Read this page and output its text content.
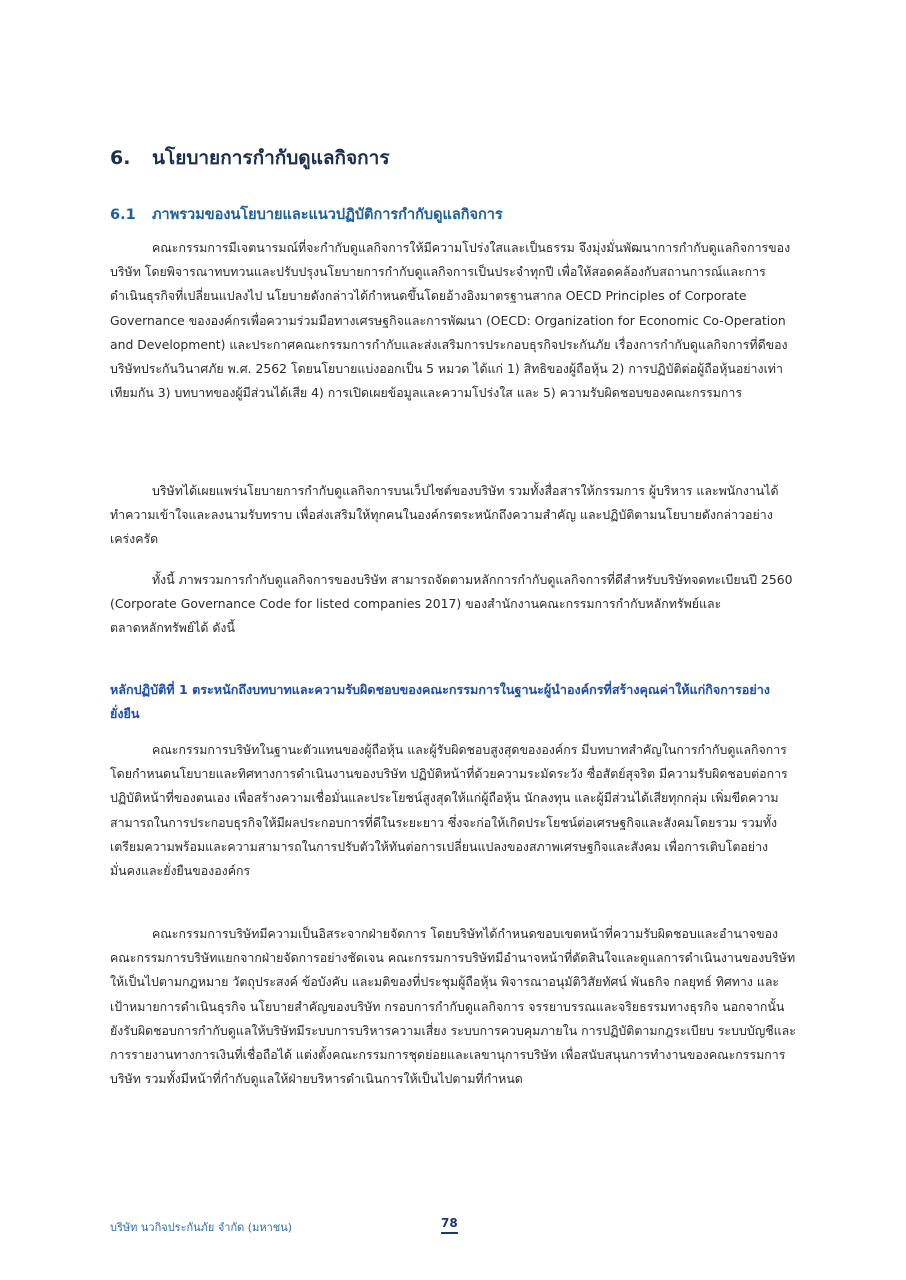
6. นโยบายการกำกับดูแลกิจการ
6.1 ภาพรวมของนโยบายและแนวปฏิบัติการกำกับดูแลกิจการ

คณะกรรมการมีเจตนารมณ์ที่จะกำกับดูแลกิจการให้มีความโปร่งใสและเป็นธรรม จึงมุ่งมั่นพัฒนาการกำกับดูแลกิจการของบริษัท โดยพิจารณาทบทวนและปรับปรุงนโยบายการกำกับดูแลกิจการเป็นประจำทุกปี เพื่อให้สอดคล้องกับสถานการณ์และการดำเนินธุรกิจที่เปลี่ยนแปลงไป นโยบายดังกล่าวได้กำหนดขึ้นโดยอ้างอิงมาตรฐานสากล OECD Principles of Corporate Governance ขององค์กรเพื่อความร่วมมือทางเศรษฐกิจและการพัฒนา (OECD: Organization for Economic Co-Operation and Development) และประกาศคณะกรรมการกำกับและส่งเสริมการประกอบธุรกิจประกันภัย เรื่องการกำกับดูแลกิจการที่ดีของบริษัทประกันวินาศภัย พ.ศ. 2562 โดยนโยบายแบ่งออกเป็น 5 หมวด ได้แก่ 1) สิทธิของผู้ถือหุ้น 2) การปฏิบัติต่อผู้ถือหุ้นอย่างเท่าเทียมกัน 3) บทบาทของผู้มีส่วนได้เสีย 4) การเปิดเผยข้อมูลและความโปร่งใส และ 5) ความรับผิดชอบของคณะกรรมการ

บริษัทได้เผยแพร่นโยบายการกำกับดูแลกิจการบนเว็ปไซต์ของบริษัท รวมทั้งสื่อสารให้กรรมการ ผู้บริหาร และพนักงานได้ทำความเข้าใจและลงนามรับทราบ เพื่อส่งเสริมให้ทุกคนในองค์กรตระหนักถึงความสำคัญ และปฏิบัติตามนโยบายดังกล่าวอย่างเคร่งครัด

ทั้งนี้ ภาพรวมการกำกับดูแลกิจการของบริษัท สามารถจัดตามหลักการกำกับดูแลกิจการที่ดีสำหรับบริษัทจดทะเบียนปี 2560 (Corporate Governance Code for listed companies 2017) ของสำนักงานคณะกรรมการกำกับหลักทรัพย์และตลาดหลักทรัพย์ได้ ดังนี้

หลักปฏิบัติที่ 1 ตระหนักถึงบทบาทและความรับผิดชอบของคณะกรรมการในฐานะผู้นำองค์กรที่สร้างคุณค่าให้แก่กิจการอย่างยั่งยืน

คณะกรรมการบริษัทในฐานะตัวแทนของผู้ถือหุ้น และผู้รับผิดชอบสูงสุดขององค์กร มีบทบาทสำคัญในการกำกับดูแลกิจการ โดยกำหนดนโยบายและทิศทางการดำเนินงานของบริษัท ปฏิบัติหน้าที่ด้วยความระมัดระวัง ซื่อสัตย์สุจริต มีความรับผิดชอบต่อการปฏิบัติหน้าที่ของตนเอง เพื่อสร้างความเชื่อมั่นและประโยชน์สูงสุดให้แก่ผู้ถือหุ้น นักลงทุน และผู้มีส่วนได้เสียทุกกลุ่ม เพิ่มขีดความสามารถในการประกอบธุรกิจให้มีผลประกอบการที่ดีในระยะยาว ซึ่งจะก่อให้เกิดประโยชน์ต่อเศรษฐกิจและสังคมโดยรวม รวมทั้งเตรียมความพร้อมและความสามารถในการปรับตัวให้ทันต่อการเปลี่ยนแปลงของสภาพเศรษฐกิจและสังคม เพื่อการเติบโตอย่างมั่นคงและยั่งยืนขององค์กร

คณะกรรมการบริษัทมีความเป็นอิสระจากฝ่ายจัดการ โดยบริษัทได้กำหนดขอบเขตหน้าที่ความรับผิดชอบและอำนาจของคณะกรรมการบริษัทแยกจากฝ่ายจัดการอย่างชัดเจน คณะกรรมการบริษัทมีอำนาจหน้าที่ตัดสินใจและดูแลการดำเนินงานของบริษัทให้เป็นไปตามกฎหมาย วัตถุประสงค์ ข้อบังคับ และมติของที่ประชุมผู้ถือหุ้น พิจารณาอนุมัติวิสัยทัศน์ พันธกิจ กลยุทธ์ ทิศทาง และเป้าหมายการดำเนินธุรกิจ นโยบายสำคัญของบริษัท กรอบการกำกับดูแลกิจการ จรรยาบรรณและจริยธรรมทางธุรกิจ นอกจากนั้น ยังรับผิดชอบการกำกับดูแลให้บริษัทมีระบบการบริหารความเสี่ยง ระบบการควบคุมภายใน การปฏิบัติตามกฎระเบียบ ระบบบัญชีและการรายงานทางการเงินที่เชื่อถือได้ แต่งตั้งคณะกรรมการชุดย่อยและเลขานุการบริษัท เพื่อสนับสนุนการทำงานของคณะกรรมการบริษัท รวมทั้งมีหน้าที่กำกับดูแลให้ฝ่ายบริหารดำเนินการให้เป็นไปตามที่กำหนด

บริษัท นวกิจประกันภัย จำกัด (มหาชน)	78
